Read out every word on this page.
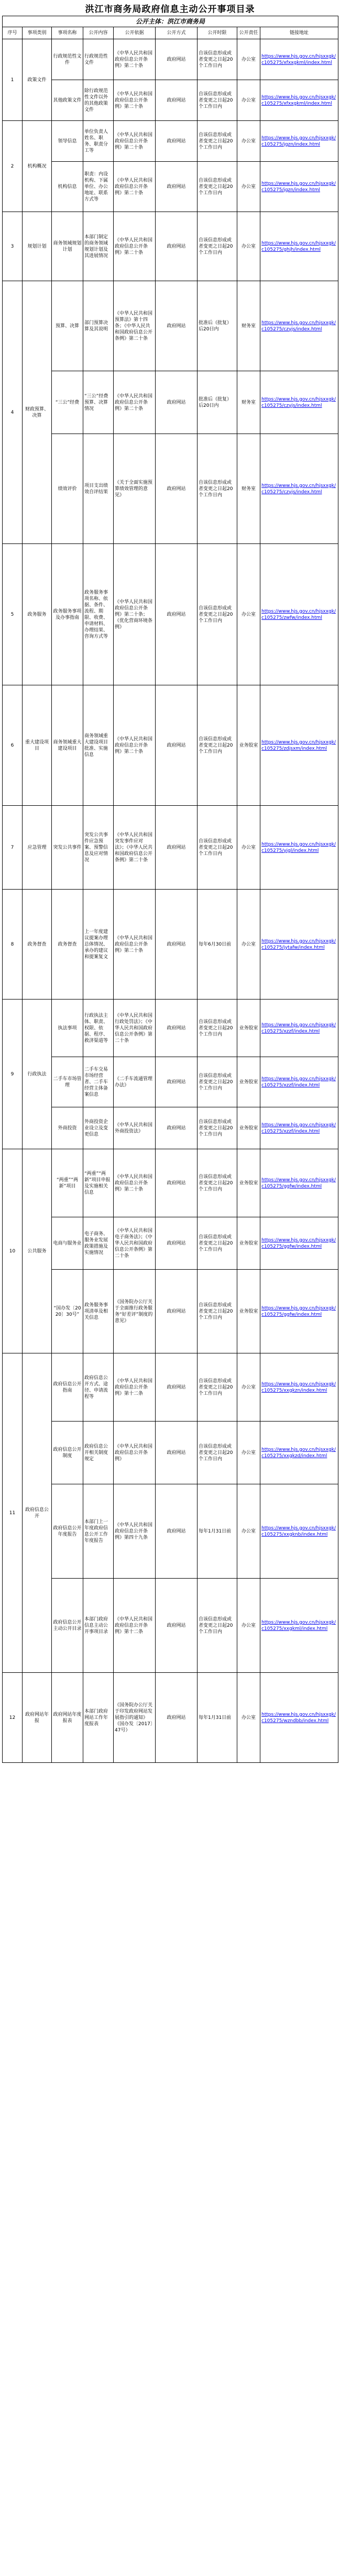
洪江市商务局政府信息主动公开事项目录
公开主体：洪江市商务局								
序号	事项类别	事项名称	公开内容	公开依据	公开方式	公开时限	公开责任	链接地址
1	政策文件	行政规范性文件	行政规范性文件	《中华人民共和国政府信息公开条例》第二十条	政府网站	自该信息形成或者变更之日起20个工作日内	办公室	https://www.hjs.gov.cn/hjsxxgk/c105275/xfxxgkml/index.html
		其他政策文件	除行政规范性文件以外的其他政策文件	《中华人民共和国政府信息公开条例》第二十条	政府网站	自该信息形成或者变更之日起20个工作日内	办公室	https://www.hjs.gov.cn/hjsxxgk/c105275/xfxxgkml/index.html
2	机构概况	领导信息	单位负责人姓名、职务、职责分工等	《中华人民共和国政府信息公开条例》第二十条	政府网站	自该信息形成或者变更之日起20个工作日内	办公室	https://www.hjs.gov.cn/hjsxxgk/c105275/jgzn/index.html
		机构信息	职责：内设机构、下属单位、办公地址、联系方式等	《中华人民共和国政府信息公开条例》第二十条	政府网站	自该信息形成或者变更之日起20个工作日内	办公室	https://www.hjs.gov.cn/hjsxxgk/c105275/jgzn/index.html
3	规划计划	商务领域规划计划	本部门制定的商务领域规划计划及其进展情况	《中华人民共和国政府信息公开条例》第二十条	政府网站	自该信息形成或者变更之日起20个工作日内	办公室	https://www.hjs.gov.cn/hjsxxgk/c105275/ghjh/index.html
4	财政预算、决算	预算、决算	部门预算决算及其说明	《中华人民共和国预算法》第十四条；《中华人民共和国政府信息公开条例》第二十条	政府网站	批准后（批复）后20日内	财务室	https://www.hjs.gov.cn/hjsxxgk/c105275/czyjs/index.html
		“三公”经费	“三公”经费预算、决算情况	《中华人民共和国政府信息公开条例》第二十条	政府网站	批准后（批复）后20日内	财务室	https://www.hjs.gov.cn/hjsxxgk/c105275/czyjs/index.html
		绩效评价	项目支出绩效自评结果	《关于全面实施预算绩效管理的意见》	政府网站	自该信息形成或者变更之日起20个工作日内	财务室	https://www.hjs.gov.cn/hjsxxgk/c105275/czyjs/index.html
5	政务服务	政务服务事项及办事指南	政务服务事项名称、依据、条件、流程、期限、收费、申请材料、办理结果、咨询方式等	《中华人民共和国政府信息公开条例》第二十条；《优化营商环境条例》	政府网站	自该信息形成或者变更之日起20个工作日内	办公室	https://www.hjs.gov.cn/hjsxxgk/c105275/zwfw/index.html
6	重大建设项目	商务领域重大建设项目	商务领域重大建设项目批准、实施信息	《中华人民共和国政府信息公开条例》第二十条	政府网站	自该信息形成或者变更之日起20个工作日内	业务股室	https://www.hjs.gov.cn/hjsxxgk/c105275/zdjsxm/index.html
7	应急管理	突发公共事件	突发公共事件应急预案、预警信息及应对情况	《中华人民共和国突发事件应对法》；《中华人民共和国政府信息公开条例》第二十条	政府网站	自该信息形成或者变更之日起20个工作日内	办公室	https://www.hjs.gov.cn/hjsxxgk/c105275/yjgl/index.html
8	政务督查	政务督查	上一年度建议提案办理总体情况、承办的建议和提案复文	《中华人民共和国政府信息公开条例》第二十条	政府网站	每年6月30日前	办公室	https://www.hjs.gov.cn/hjsxxgk/c105275/jytafw/index.html
9	行政执法	执法事项	行政执法主体、职责、权限、依据、程序、救济渠道等	《中华人民共和国行政处罚法》；《中华人民共和国政府信息公开条例》第二十条	政府网站	自该信息形成或者变更之日起20个工作日内	业务股室	https://www.hjs.gov.cn/hjsxxgk/c105275/xzzf/index.html
		二手车市场管理	二手车交易市场经营者、二手车经营主体备案信息	《二手车流通管理办法》	政府网站	自该信息形成或者变更之日起20个工作日内	业务股室	https://www.hjs.gov.cn/hjsxxgk/c105275/xzzf/index.html
		外商投资	外商投资企业设立及变更信息	《中华人民共和国外商投资法》	政府网站	自该信息形成或者变更之日起20个工作日内	业务股室	https://www.hjs.gov.cn/hjsxxgk/c105275/xzzf/index.html
10	公共服务	“两重”“两新”项目	“两重”“两新”项目申报及实施相关信息	《中华人民共和国政府信息公开条例》第二十条	政府网站	自该信息形成或者变更之日起20个工作日内	业务股室	https://www.hjs.gov.cn/hjsxxgk/c105275/ggfw/index.html
		电商与服务业	电子商务、服务业发展政策措施及实施情况	《中华人民共和国电子商务法》；《中华人民共和国政府信息公开条例》第二十条	政府网站	自该信息形成或者变更之日起20个工作日内	业务股室	https://www.hjs.gov.cn/hjsxxgk/c105275/ggfw/index.html
		“国办发〔2020〕30号”	政务服务事项清单及相关信息	《国务院办公厅关于全面推行政务服务“好差评”制度的意见》	政府网站	自该信息形成或者变更之日起20个工作日内	业务股室	https://www.hjs.gov.cn/hjsxxgk/c105275/ggfw/index.html
11	政府信息公开	政府信息公开指南	政府信息公开方式、途径、申请流程等	《中华人民共和国政府信息公开条例》第十二条	政府网站	自该信息形成或者变更之日起20个工作日内	办公室	https://www.hjs.gov.cn/hjsxxgk/c105275/xxgkzn/index.html
		政府信息公开制度	政府信息公开相关制度规定	《中华人民共和国政府信息公开条例》	政府网站	自该信息形成或者变更之日起20个工作日内	办公室	https://www.hjs.gov.cn/hjsxxgk/c105275/xxgkzd/index.html
		政府信息公开年度报告	本部门上一年度政府信息公开工作年度报告	《中华人民共和国政府信息公开条例》第四十九条	政府网站	每年1月31日前	办公室	https://www.hjs.gov.cn/hjsxxgk/c105275/xxgknb/index.html
		政府信息公开主动公开目录	本部门政府信息主动公开事项目录	《中华人民共和国政府信息公开条例》第十二条	政府网站	自该信息形成或者变更之日起20个工作日内	办公室	https://www.hjs.gov.cn/hjsxxgk/c105275/xxgkml/index.html
12	政府网站年报	政府网站年度报表	本部门政府网站工作年度报表	《国务院办公厅关于印发政府网站发展指引的通知》（国办发〔2017〕47号）	政府网站	每年1月31日前	办公室	https://www.hjs.gov.cn/hjsxxgk/c105275/wzndbb/index.html
